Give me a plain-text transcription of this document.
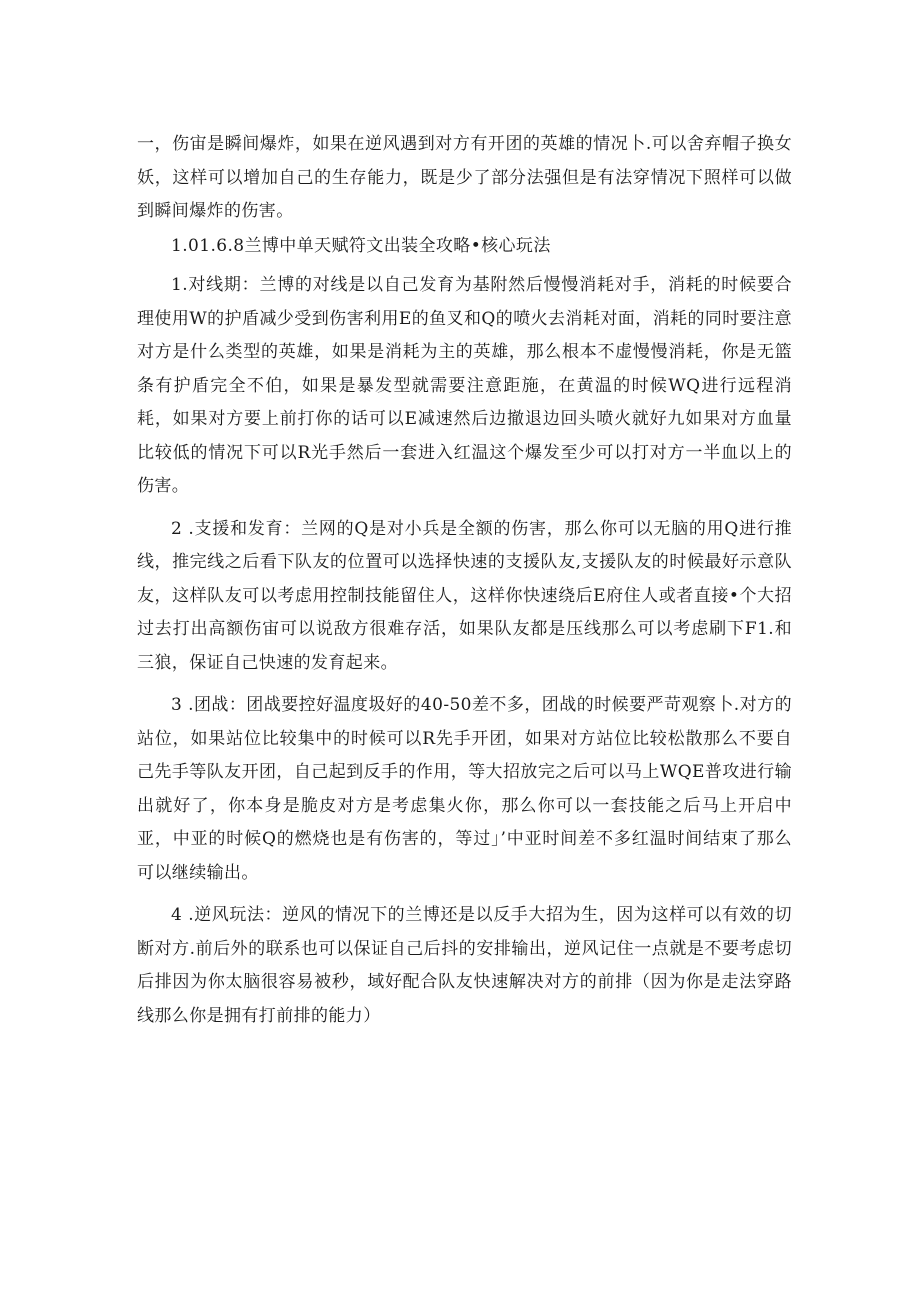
一，伤宙是瞬间爆炸，如果在逆风遇到对方有开团的英雄的情况卜.可以舍弃帽子换女妖，这样可以增加自己的生存能力，既是少了部分法强但是有法穿情况下照样可以做到瞬间爆炸的伤害。

1.01.6.8兰博中单天赋符文出装全攻略•核心玩法

1.对线期：兰博的对线是以自己发育为基附然后慢慢消耗对手，消耗的时候要合理使用W的护盾减少受到伤害利用E的鱼叉和Q的喷火去消耗对面，消耗的同时要注意对方是什么类型的英雄，如果是消耗为主的英雄，那么根本不虚慢慢消耗，你是无篮条有护盾完全不伯，如果是暴发型就需要注意距施，在黄温的时候WQ进行远程消耗，如果对方要上前打你的话可以E减速然后边撤退边回头喷火就好九如果对方血量比较低的情况下可以R光手然后一套进入红温这个爆发至少可以打对方一半血以上的伤害。

2 .支援和发育：兰网的Q是对小兵是全额的伤害，那么你可以无脑的用Q进行推线，推完线之后看下队友的位置可以选择快速的支援队友,支援队友的时候最好示意队友，这样队友可以考虑用控制技能留住人，这样你快速绕后E府住人或者直接•个大招过去打出高额伤宙可以说敌方很难存活，如果队友都是压线那么可以考虑刷下F1.和三狼，保证自己快速的发育起来。

3 .团战：团战要控好温度圾好的40-50差不多，团战的时候要严苛观察卜.对方的站位，如果站位比较集中的时候可以R先手开团，如果对方站位比较松散那么不要自己先手等队友开团，自己起到反手的作用，等大招放完之后可以马上WQE普攻进行输出就好了，你本身是脆皮对方是考虑集火你，那么你可以一套技能之后马上开启中亚，中亚的时候Q的燃烧也是有伤害的，等过」’中亚时间差不多红温时间结束了那么可以继续输出。

4 .逆风玩法：逆风的情况下的兰博还是以反手大招为生，因为这样可以有效的切断对方.前后外的联系也可以保证自己后抖的安排输出，逆风记住一点就是不要考虑切后排因为你太脑很容易被秒，域好配合队友快速解决对方的前排（因为你是走法穿路线那么你是拥有打前排的能力）
